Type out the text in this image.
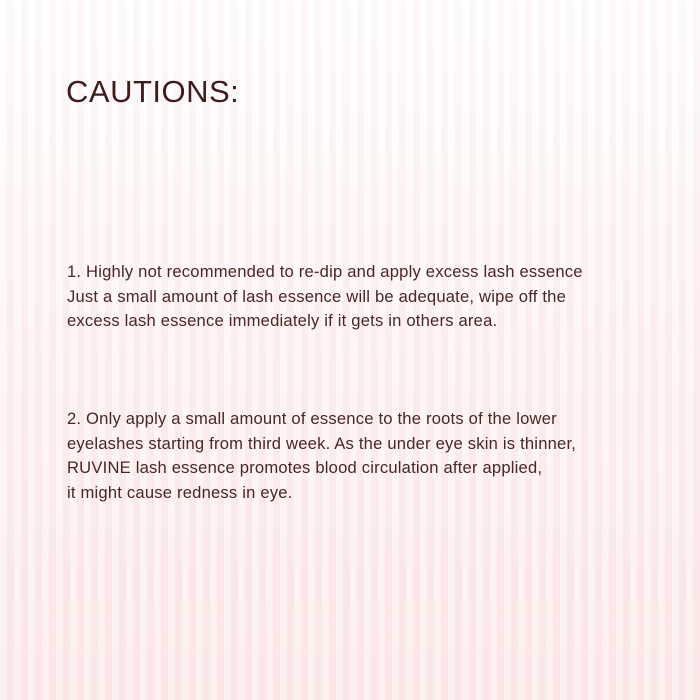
CAUTIONS:

1. Highly not recommended to re-dip and apply excess lash essence
Just a small amount of lash essence will be adequate, wipe off the
excess lash essence immediately if it gets in others area.

2. Only apply a small amount of essence to the roots of the lower
eyelashes starting from third week. As the under eye skin is thinner,
RUVINE lash essence promotes blood circulation after applied,
it might cause redness in eye.
